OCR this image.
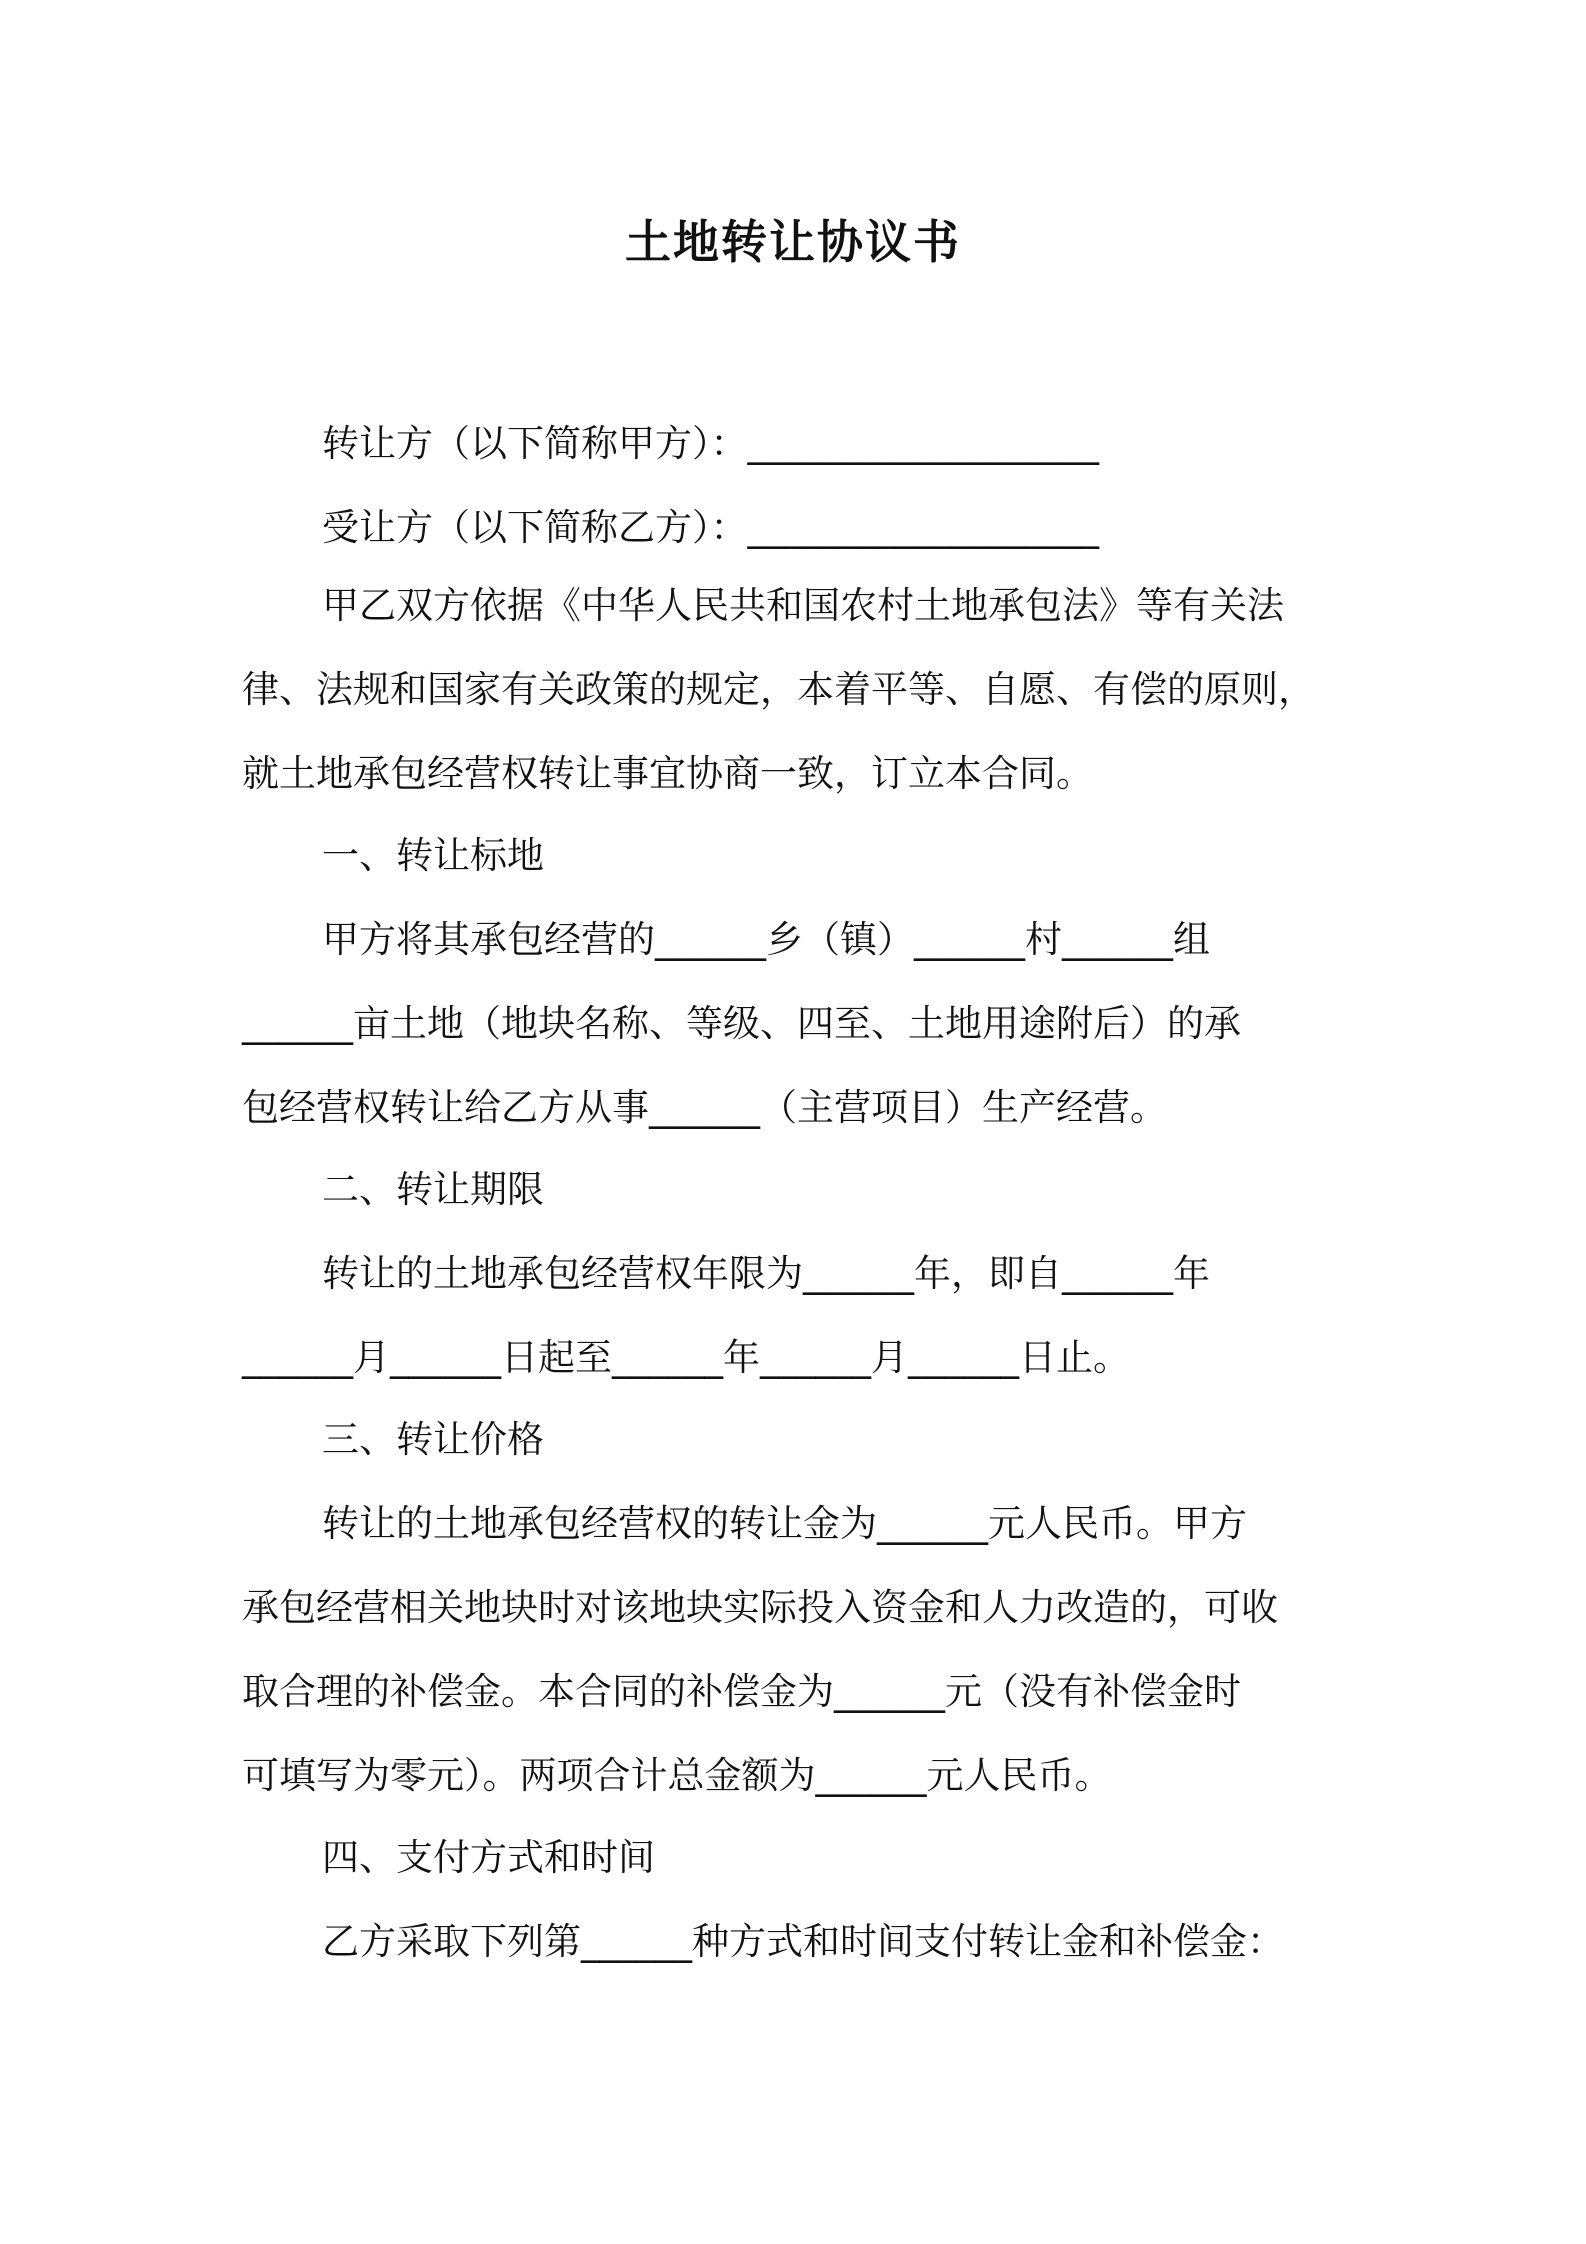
土地转让协议书
转让方（以下简称甲方）：___________________
受让方（以下简称乙方）：___________________
甲乙双方依据《中华人民共和国农村土地承包法》等有关法
律、法规和国家有关政策的规定，本着平等、自愿、有偿的原则，
就土地承包经营权转让事宜协商一致，订立本合同。
一、转让标地
甲方将其承包经营的______乡（镇）______村______组
______亩土地（地块名称、等级、四至、土地用途附后）的承
包经营权转让给乙方从事______（主营项目）生产经营。
二、转让期限
转让的土地承包经营权年限为______年，即自______年
______月______日起至______年______月______日止。
三、转让价格
转让的土地承包经营权的转让金为______元人民币。甲方
承包经营相关地块时对该地块实际投入资金和人力改造的，可收
取合理的补偿金。本合同的补偿金为______元（没有补偿金时
可填写为零元）。两项合计总金额为______元人民币。
四、支付方式和时间
乙方采取下列第______种方式和时间支付转让金和补偿金：
